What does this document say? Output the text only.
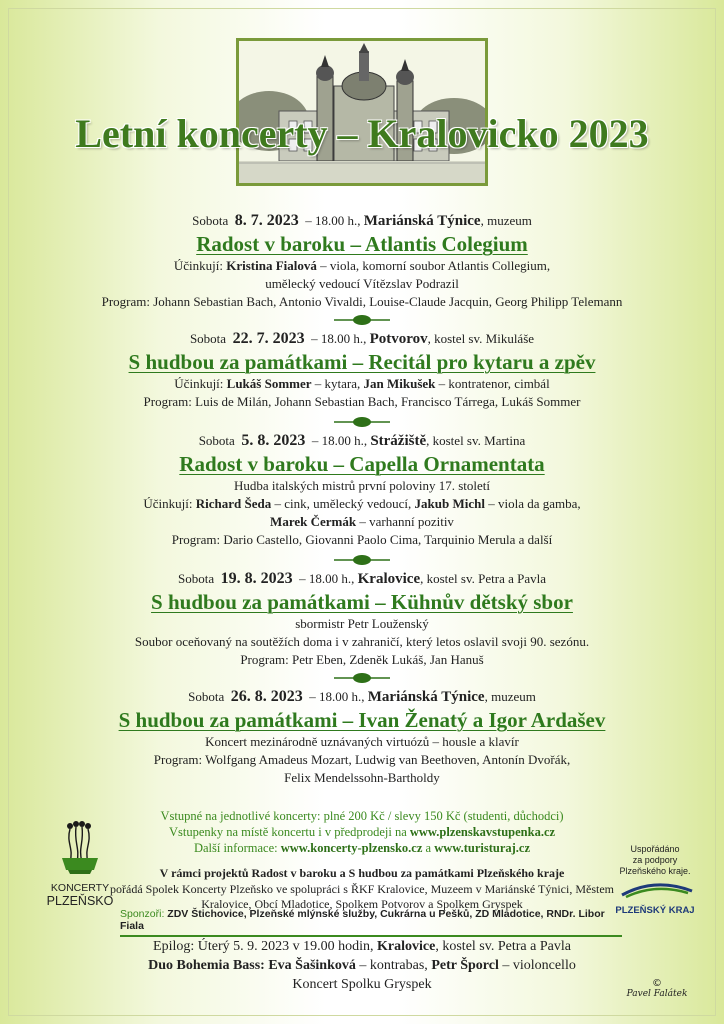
Letní koncerty – Kralovicko 2023
Sobota 8. 7. 2023 – 18.00 h., Mariánská Týnice, muzeum
Radost v baroku – Atlantis Colegium
Účinkují: Kristina Fialová – viola, komorní soubor Atlantis Collegium,
umělecký vedoucí Vítězslav Podrazil
Program: Johann Sebastian Bach, Antonio Vivaldi, Louise-Claude Jacquin, Georg Philipp Telemann
Sobota 22. 7. 2023 – 18.00 h., Potvorov, kostel sv. Mikuláše
S hudbou za památkami – Recitál pro kytaru a zpěv
Účinkují: Lukáš Sommer – kytara, Jan Mikušek – kontratenor, cimbál
Program: Luis de Milán, Johann Sebastian Bach, Francisco Tárrega, Lukáš Sommer
Sobota 5. 8. 2023 – 18.00 h., Strážiště, kostel sv. Martina
Radost v baroku – Capella Ornamentata
Hudba italských mistrů první poloviny 17. století
Účinkují: Richard Šeda – cink, umělecký vedoucí, Jakub Michl – viola da gamba,
Marek Čermák – varhanní pozitiv
Program: Dario Castello, Giovanni Paolo Cima, Tarquinio Merula a další
Sobota 19. 8. 2023 – 18.00 h., Kralovice, kostel sv. Petra a Pavla
S hudbou za památkami – Kühnův dětský sbor
sbormistr Petr Louženský
Soubor oceňovaný na soutěžích doma i v zahraničí, který letos oslavil svoji 90. sezónu.
Program: Petr Eben, Zdeněk Lukáš, Jan Hanuš
Sobota 26. 8. 2023 – 18.00 h., Mariánská Týnice, muzeum
S hudbou za památkami – Ivan Ženatý a Igor Ardašev
Koncert mezinárodně uznávaných virtuózů – housle a klavír
Program: Wolfgang Amadeus Mozart, Ludwig van Beethoven, Antonín Dvořák,
Felix Mendelssohn-Bartholdy
Vstupné na jednotlivé koncerty: plné 200 Kč / slevy 150 Kč (studenti, důchodci)
Vstupenky na místě koncertu i v předprodeji na www.plzenskavstupenka.cz
Další informace: www.koncerty-plzensko.cz a www.turisturaj.cz
V rámci projektů Radost v baroku a S hudbou za památkami Plzeňského kraje
pořádá Spolek Koncerty Plzeňsko ve spolupráci s ŘKF Kralovice, Muzeem v Mariánské Týnici, Městem Kralovice, Obcí Mladotice, Spolkem Potvorov a Spolkem Gryspek
Sponzoři: ZDV Štichovice, Plzeňské mlýnské služby, Cukrárna u Pešků, ZD Mladotice, RNDr. Libor Fiala
Epilog: Úterý 5. 9. 2023 v 19.00 hodin, Kralovice, kostel sv. Petra a Pavla
Duo Bohemia Bass: Eva Šašinková – kontrabas, Petr Šporcl – violoncello
Koncert Spolku Gryspek
KONCERTY
PLZEŇSKO
Uspořádáno
za podpory
Plzeňského kraje.
PLZEŇSKÝ KRAJ
©
Pavel Falátek
